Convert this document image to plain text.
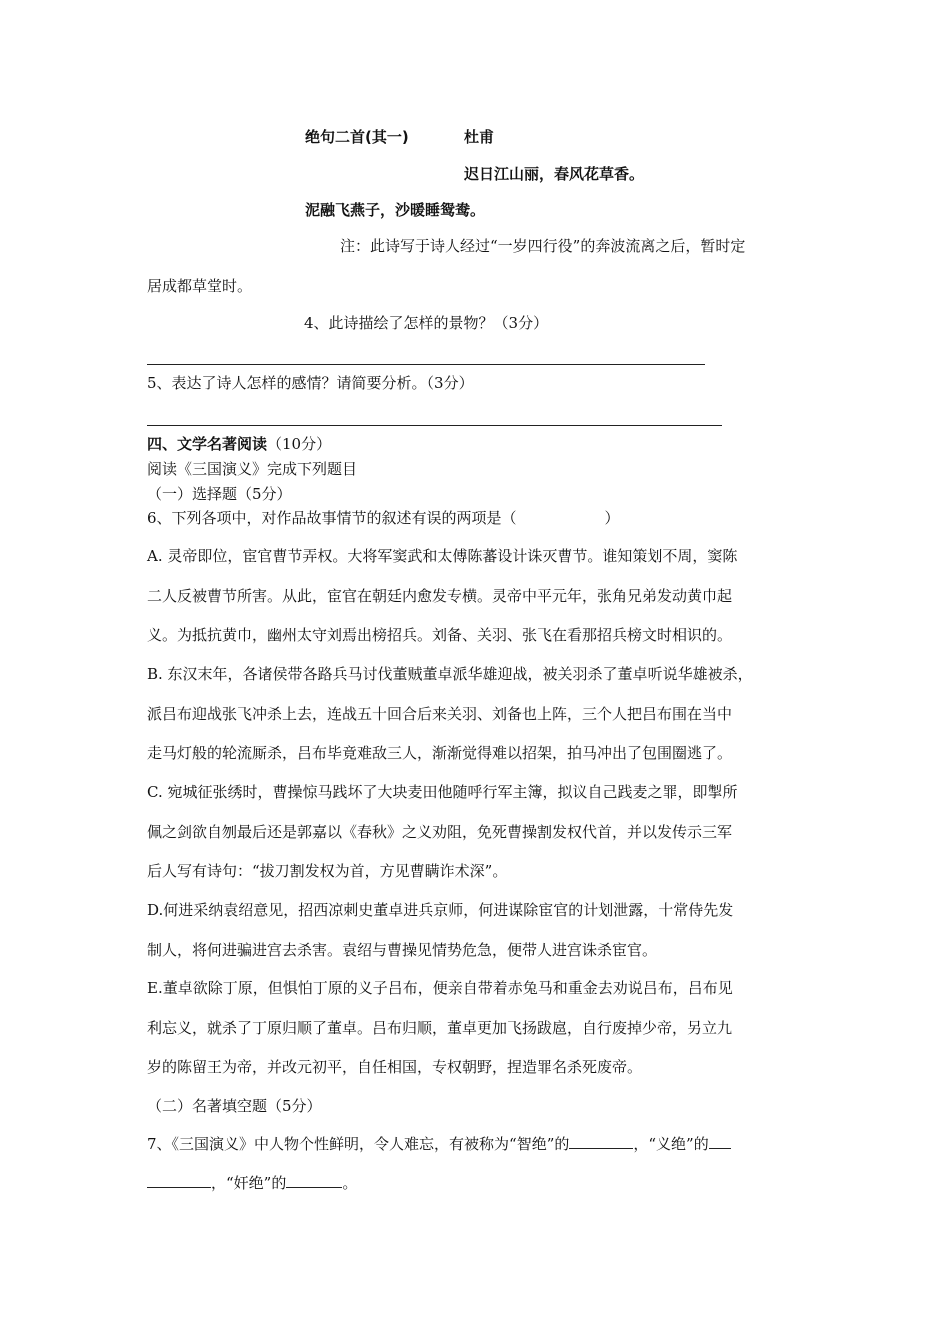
绝句二首(其一)	杜甫
迟日江山丽，春风花草香。
泥融飞燕子，沙暖睡鸳鸯。
注：此诗写于诗人经过“一岁四行役”的奔波流离之后，暂时定
居成都草堂时。
4、此诗描绘了怎样的景物？（3分）
5、表达了诗人怎样的感情？请简要分析。（3分）
四、文学名著阅读（10分）
阅读《三国演义》完成下列题目
（一）选择题（5分）
6、下列各项中，对作品故事情节的叙述有误的两项是（	）
A. 灵帝即位，宦官曹节弄权。大将军窦武和太傅陈蕃设计诛灭曹节。谁知策划不周，窦陈
二人反被曹节所害。从此，宦官在朝廷内愈发专横。灵帝中平元年，张角兄弟发动黄巾起
义。为抵抗黄巾，幽州太守刘焉出榜招兵。刘备、关羽、张飞在看那招兵榜文时相识的。
B. 东汉末年，各诸侯带各路兵马讨伐董贼董卓派华雄迎战，被关羽杀了董卓听说华雄被杀，
派吕布迎战张飞冲杀上去，连战五十回合后来关羽、刘备也上阵，三个人把吕布围在当中
走马灯般的轮流厮杀，吕布毕竟难敌三人，渐渐觉得难以招架，拍马冲出了包围圈逃了。
C. 宛城征张绣时，曹操惊马践坏了大块麦田他随呼行军主簿，拟议自己践麦之罪，即掣所
佩之剑欲自刎最后还是郭嘉以《春秋》之义劝阻，免死曹操割发权代首，并以发传示三军
后人写有诗句：“拔刀割发权为首，方见曹瞒诈术深”。
D.何进采纳袁绍意见，招西凉刺史董卓进兵京师，何进谋除宦官的计划泄露，十常侍先发
制人，将何进骗进宫去杀害。袁绍与曹操见情势危急，便带人进宫诛杀宦官。
E.董卓欲除丁原，但惧怕丁原的义子吕布，便亲自带着赤兔马和重金去劝说吕布，吕布见
利忘义，就杀了丁原归顺了董卓。吕布归顺，董卓更加飞扬跋扈，自行废掉少帝，另立九
岁的陈留王为帝，并改元初平，自任相国，专权朝野，捏造罪名杀死废帝。
（二）名著填空题（5分）
7、《三国演义》中人物个性鲜明，令人难忘，有被称为“智绝”的	，“义绝”的
，“奸绝”的	。
